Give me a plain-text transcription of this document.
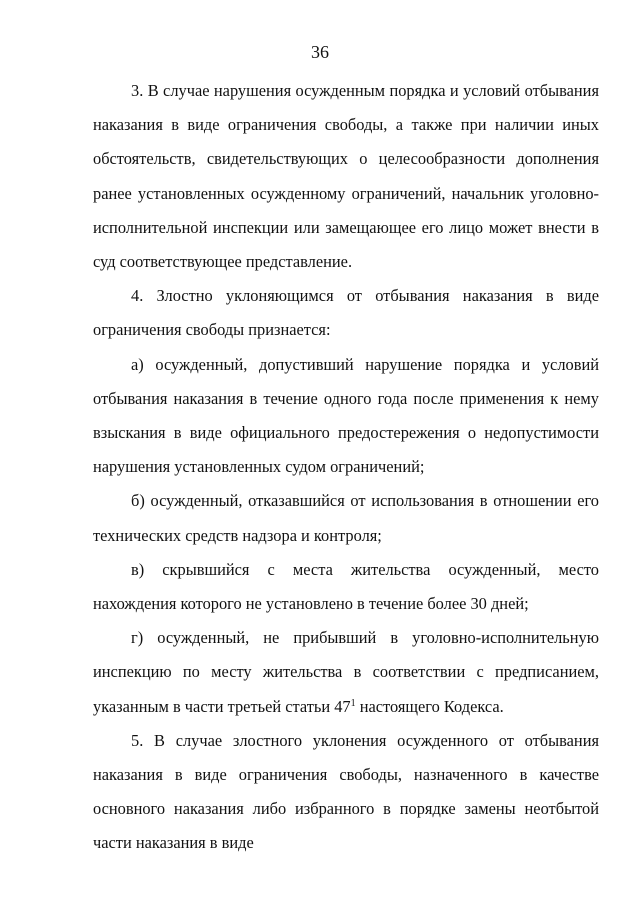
36

3. В случае нарушения осужденным порядка и условий отбывания наказания в виде ограничения свободы, а также при наличии иных обстоятельств, свидетельствующих о целесообразности дополнения ранее установленных осужденному ограничений, начальник уголовно-исполнительной инспекции или замещающее его лицо может внести в суд соответствующее представление.

4. Злостно уклоняющимся от отбывания наказания в виде ограничения свободы признается:

а) осужденный, допустивший нарушение порядка и условий отбывания наказания в течение одного года после применения к нему взыскания в виде официального предостережения о недопустимости нарушения установленных судом ограничений;

б) осужденный, отказавшийся от использования в отношении его технических средств надзора и контроля;

в) скрывшийся с места жительства осужденный, место нахождения которого не установлено в течение более 30 дней;

г) осужденный, не прибывший в уголовно-исполнительную инспекцию по месту жительства в соответствии с предписанием, указанным в части третьей статьи $47^1$ настоящего Кодекса.

5. В случае злостного уклонения осужденного от отбывания наказания в виде ограничения свободы, назначенного в качестве основного наказания либо избранного в порядке замены неотбытой части наказания в виде
